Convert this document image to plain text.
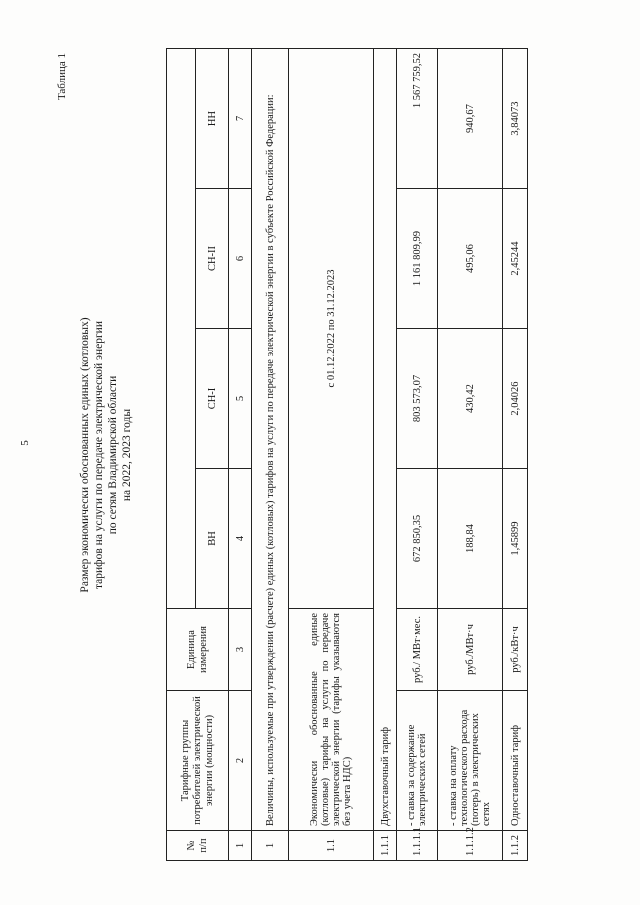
5
Таблица 1
Размер экономически обоснованных единых (котловых) тарифов на услуги по передаче электрической энергии по сетям Владимирской области на 2022, 2023 годы
№ п/п	Тарифные группы потребителей электрической энергии (мощности)	Единица измерения				
			ВН	СН-I	СН-II	НН
1	2	3	4	5	6	7
1	Величины, используемые при утверждении (расчете) единых (котловых) тарифов на услуги по передаче электрической энергии в субъекте Российской Федерации:					
1.1	Экономически обоснованные единые (котловые) тарифы на услуги по передаче электрической энергии (тарифы указываются без учета НДС)		с 01.12.2022 по 31.12.2023			
1.1.1	Двухставочный тариф					
1.1.1.1	- ставка за содержание электрических сетей	руб./ МВт·мес.	672 850,35	803 573,07	1 161 809,99	1 567 759,52
1.1.1.2	- ставка на оплату технологического расхода (потерь) в электрических сетях	руб./МВт·ч	188,84	430,42	495,06	940,67
1.1.2	Одноставочный тариф	руб./кВт·ч	1,45899	2,04026	2,45244	3,84073
